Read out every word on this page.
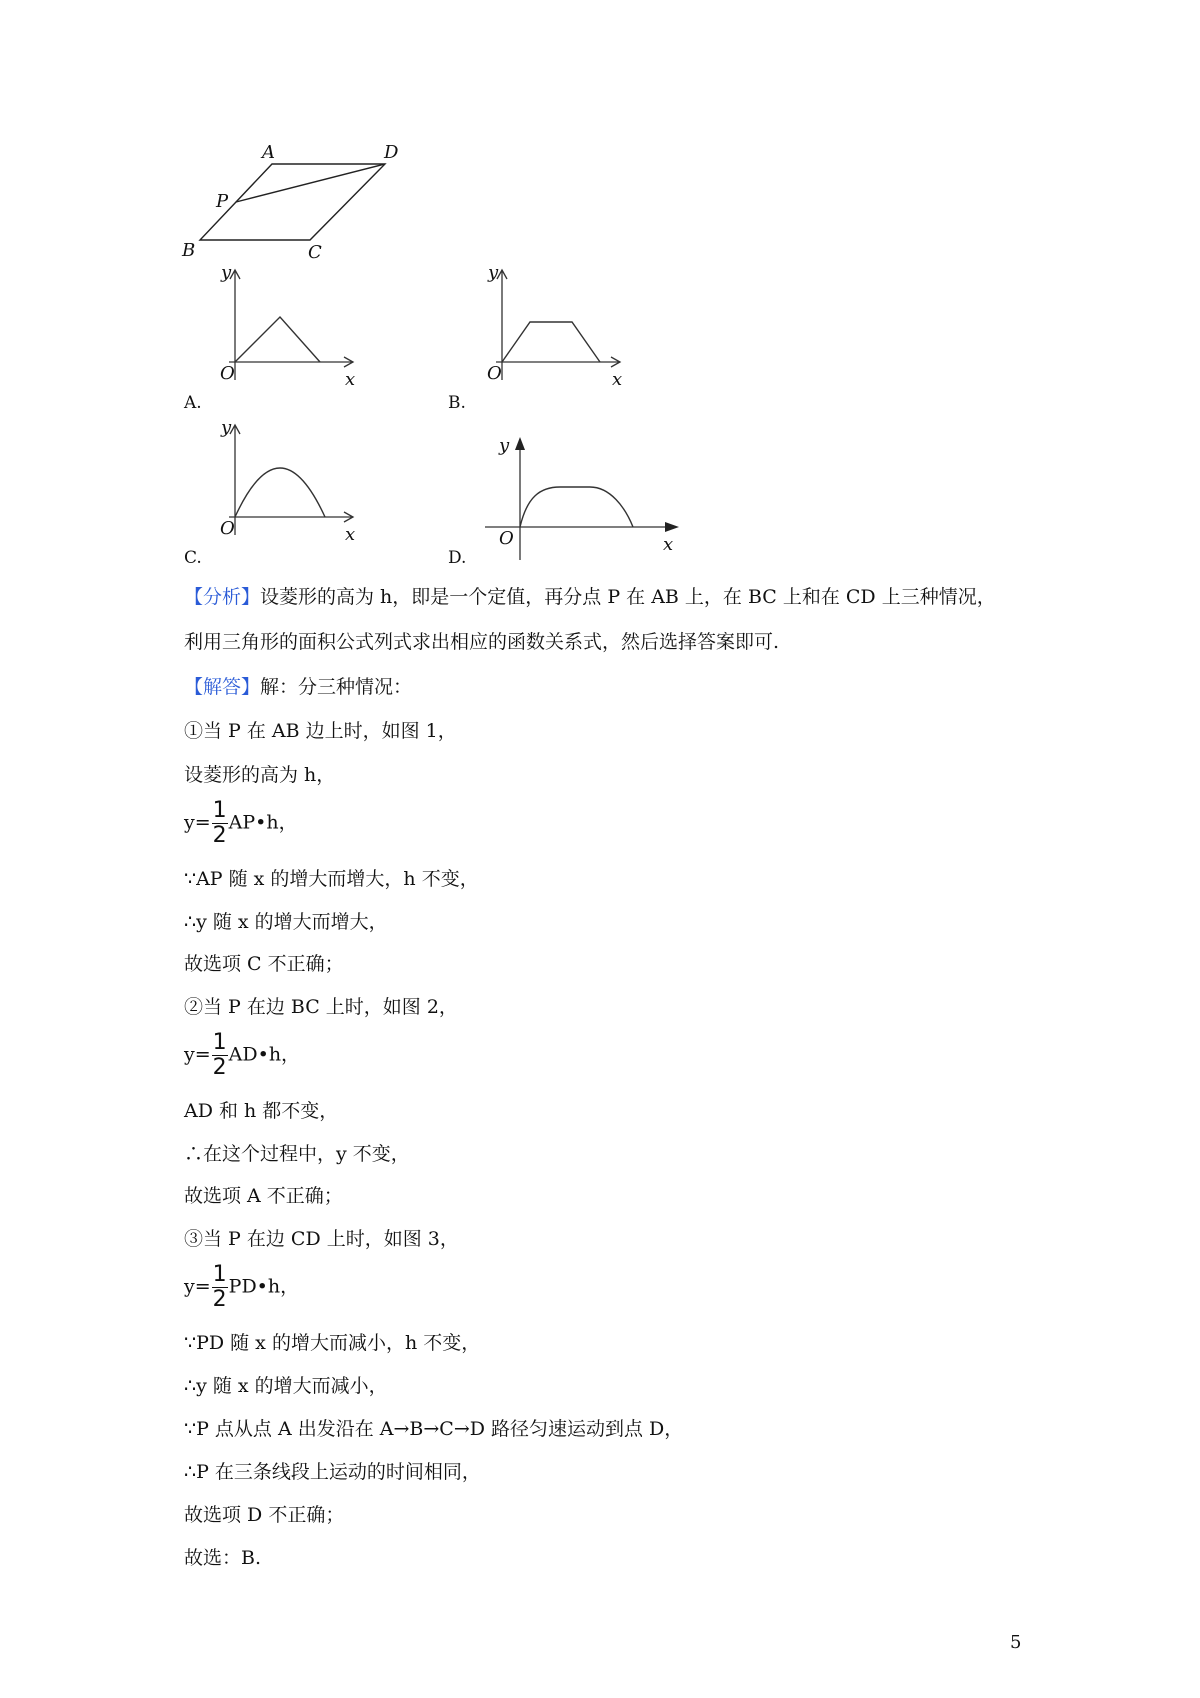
A	D
P
B	C
y
O	x
A.
y
O	x
B.
y
O	x
C.
y
O	x
D.
【分析】设菱形的高为 h，即是一个定值，再分点 P 在 AB 上，在 BC 上和在 CD 上三种情况，
利用三角形的面积公式列式求出相应的函数关系式，然后选择答案即可.
【解答】解：分三种情况：
①当 P 在 AB 边上时，如图 1，
设菱形的高为 h，
$y= \frac{1}{2}$ AP•h，
∵AP 随 x 的增大而增大，h 不变，
∴y 随 x 的增大而增大，
故选项 C 不正确；
②当 P 在边 BC 上时，如图 2，
$y= \frac{1}{2}$ AD•h，
AD 和 h 都不变，
∴在这个过程中，y 不变，
故选项 A 不正确；
③当 P 在边 CD 上时，如图 3，
$y= \frac{1}{2}$ PD•h，
∵PD 随 x 的增大而减小，h 不变，
∴y 随 x 的增大而减小，
∵P 点从点 A 出发沿在 A→B→C→D 路径匀速运动到点 D，
∴P 在三条线段上运动的时间相同，
故选项 D 不正确；
故选：B.
5
